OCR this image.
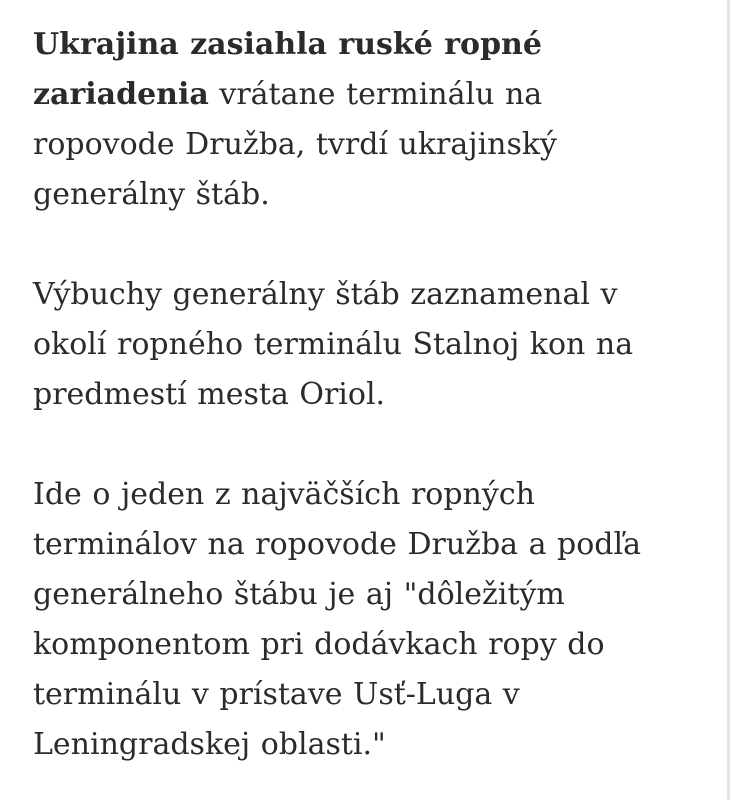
Ukrajina zasiahla ruské ropné zariadenia vrátane terminálu na ropovode Družba, tvrdí ukrajinský generálny štáb.

Výbuchy generálny štáb zaznamenal v okolí ropného terminálu Stalnoj kon na predmestí mesta Oriol.

Ide o jeden z najväčších ropných terminálov na ropovode Družba a podľa generálneho štábu je aj "dôležitým komponentom pri dodávkach ropy do terminálu v prístave Usť-Luga v Leningradskej oblasti."
